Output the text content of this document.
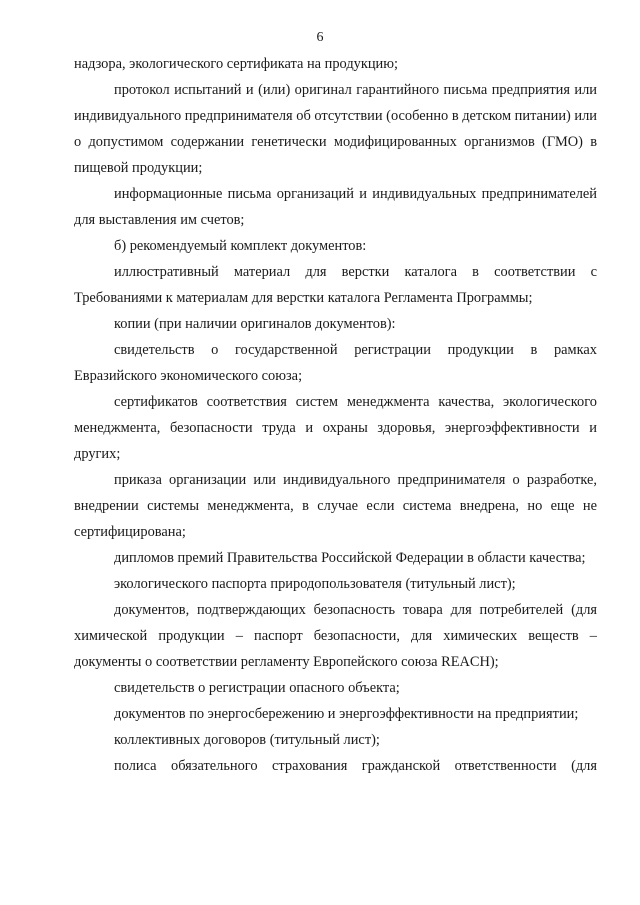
6

надзора, экологического сертификата на продукцию;

протокол испытаний и (или) оригинал гарантийного письма предприятия или индивидуального предпринимателя об отсутствии (особенно в детском питании) или о допустимом содержании генетически модифицированных организмов (ГМО) в пищевой продукции;

информационные письма организаций и индивидуальных предпринимателей для выставления им счетов;

б) рекомендуемый комплект документов:

иллюстративный материал для верстки каталога в соответствии с Требованиями к материалам для верстки каталога Регламента Программы;

копии (при наличии оригиналов документов):

свидетельств о государственной регистрации продукции в рамках Евразийского экономического союза;

сертификатов соответствия систем менеджмента качества, экологического менеджмента, безопасности труда и охраны здоровья, энергоэффективности и других;

приказа организации или индивидуального предпринимателя о разработке, внедрении системы менеджмента, в случае если система внедрена, но еще не сертифицирована;

дипломов премий Правительства Российской Федерации в области качества;

экологического паспорта природопользователя (титульный лист);

документов, подтверждающих безопасность товара для потребителей (для химической продукции – паспорт безопасности, для химических веществ – документы о соответствии регламенту Европейского союза REACH);

свидетельств о регистрации опасного объекта;

документов по энергосбережению и энергоэффективности на предприятии;

коллективных договоров (титульный лист);

полиса обязательного страхования гражданской ответственности (для
